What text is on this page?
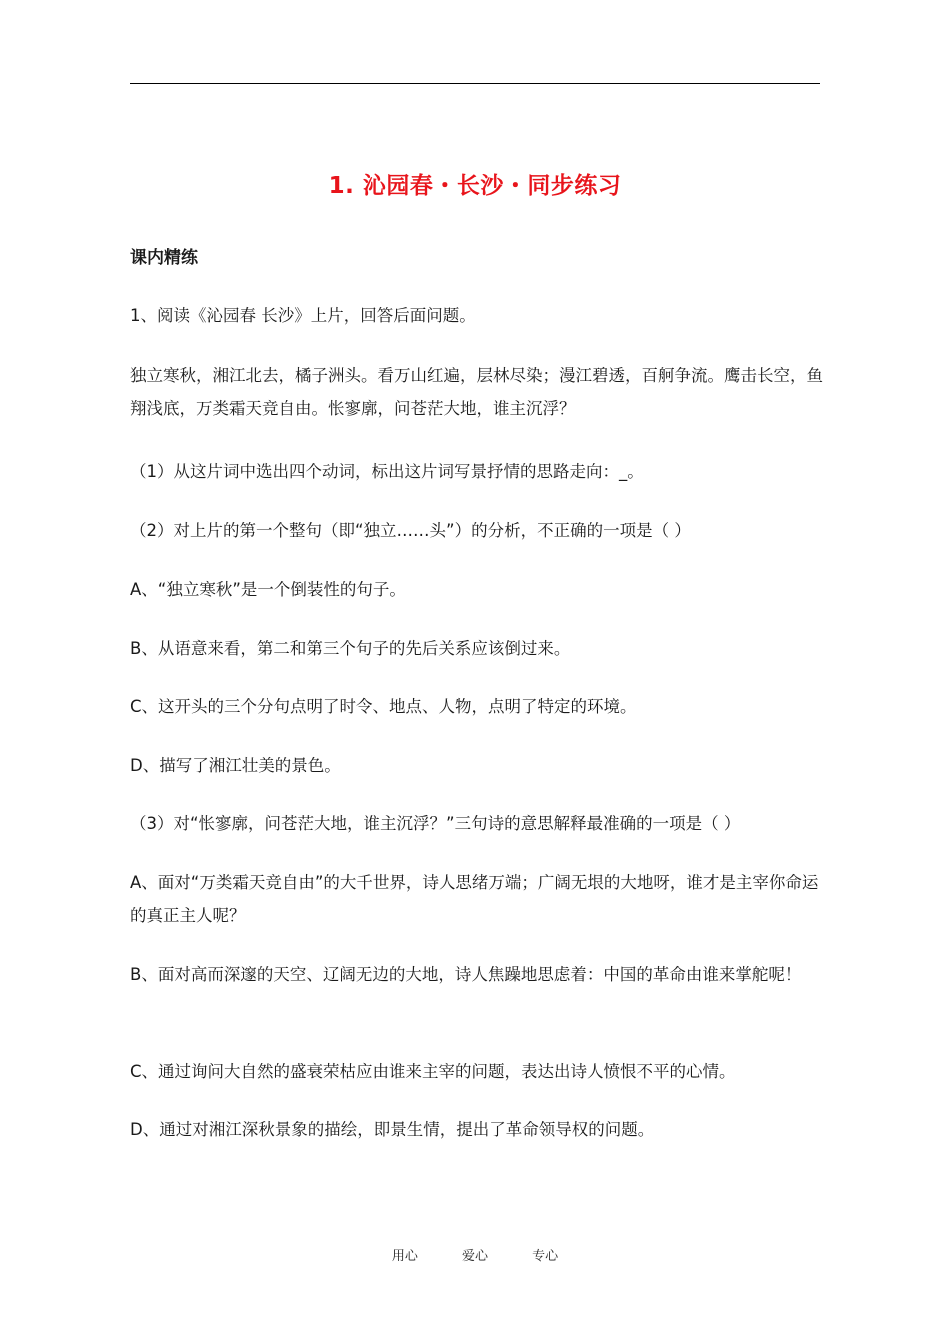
1. 沁园春・长沙・同步练习
课内精练

1、阅读《沁园春 长沙》上片，回答后面问题。

独立寒秋，湘江北去，橘子洲头。看万山红遍，层林尽染；漫江碧透，百舸争流。鹰击长空，鱼翔浅底，万类霜天竞自由。怅寥廓，问苍茫大地，谁主沉浮？

（1）从这片词中选出四个动词，标出这片词写景抒情的思路走向：_。

（2）对上片的第一个整句（即“独立……头”）的分析，不正确的一项是（ ）

A、“独立寒秋”是一个倒装性的句子。

B、从语意来看，第二和第三个句子的先后关系应该倒过来。

C、这开头的三个分句点明了时令、地点、人物，点明了特定的环境。

D、描写了湘江壮美的景色。

（3）对“怅寥廓，问苍茫大地，谁主沉浮？”三句诗的意思解释最准确的一项是（ ）

A、面对“万类霜天竞自由”的大千世界，诗人思绪万端；广阔无垠的大地呀，谁才是主宰你命运的真正主人呢？

B、面对高而深邃的天空、辽阔无边的大地，诗人焦躁地思虑着：中国的革命由谁来掌舵呢！

C、通过询问大自然的盛衰荣枯应由谁来主宰的问题，表达出诗人愤恨不平的心情。

D、通过对湘江深秋景象的描绘，即景生情，提出了革命领导权的问题。

用心	爱心	专心
